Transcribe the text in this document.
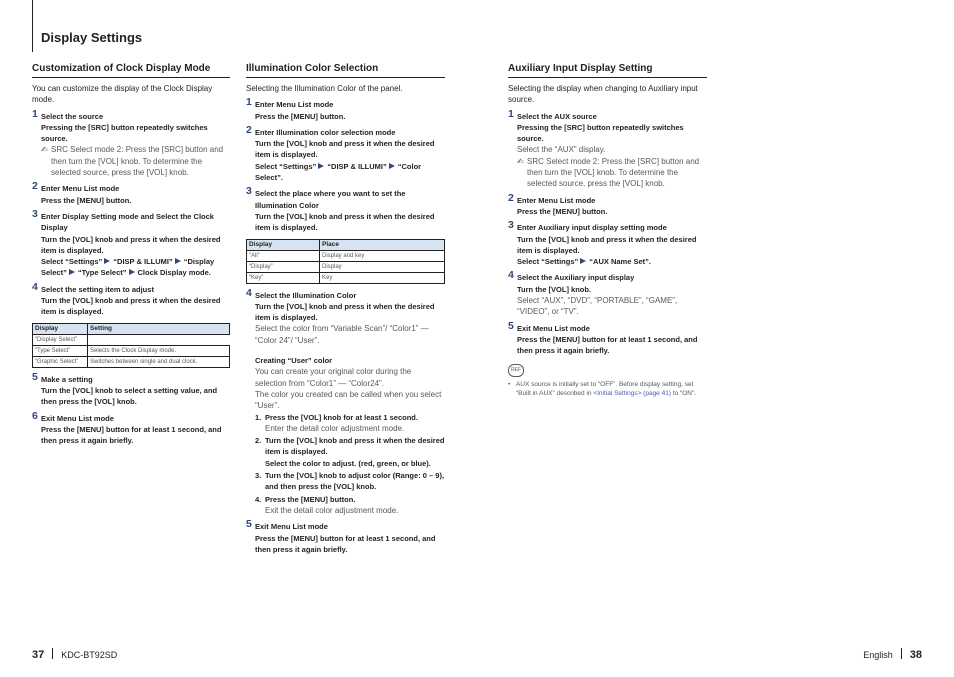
Display Settings
Customization of Clock Display Mode
You can customize the display of the Clock Display mode.
1 Select the source
Pressing the [SRC] button repeatedly switches source.
✍ SRC Select mode 2: Press the [SRC] button and then turn the [VOL] knob. To determine the selected source, press the [VOL] knob.
2 Enter Menu List mode
Press the [MENU] button.
3 Enter Display Setting mode and Select the Clock Display
Turn the [VOL] knob and press it when the desired item is displayed.
Select “Settings” “DISP & ILLUMI” “Display Select” “Type Select” Clock Display mode.
4 Select the setting item to adjust
Turn the [VOL] knob and press it when the desired item is displayed.
Display	Setting
“Display Select”	
“Type Select”	Selects the Clock Display mode.
“Graphic Select”	Switches between single and dual clock.
5 Make a setting
Turn the [VOL] knob to select a setting value, and then press the [VOL] knob.
6 Exit Menu List mode
Press the [MENU] button for at least 1 second, and then press it again briefly.
Illumination Color Selection
Selecting the Illumination Color of the panel.
1 Enter Menu List mode
Press the [MENU] button.
2 Enter Illumination color selection mode
Turn the [VOL] knob and press it when the desired item is displayed.
Select “Settings” “DISP & ILLUMI” “Color Select”.
3 Select the place where you want to set the Illumination Color
Turn the [VOL] knob and press it when the desired item is displayed.
Display	Place
“All”	Display and key
“Display”	Display
“Key”	Key
4 Select the Illumination Color
Turn the [VOL] knob and press it when the desired item is displayed.
Select the color from “Variable Scan”/ “Color1” — “Color 24”/ “User”.
Creating “User” color
You can create your original color during the selection from “Color1” — “Color24”.
The color you created can be called when you select “User”.
1. Press the [VOL] knob for at least 1 second.
Enter the detail color adjustment mode.
2. Turn the [VOL] knob and press it when the desired item is displayed.
Select the color to adjust. (red, green, or blue).
3. Turn the [VOL] knob to adjust color (Range: 0 – 9), and then press the [VOL] knob.
4. Press the [MENU] button.
Exit the detail color adjustment mode.
5 Exit Menu List mode
Press the [MENU] button for at least 1 second, and then press it again briefly.
Auxiliary Input Display Setting
Selecting the display when changing to Auxiliary input source.
1 Select the AUX source
Pressing the [SRC] button repeatedly switches source.
Select the “AUX” display.
✍ SRC Select mode 2: Press the [SRC] button and then turn the [VOL] knob. To determine the selected source, press the [VOL] knob.
2 Enter Menu List mode
Press the [MENU] button.
3 Enter Auxiliary input display setting mode
Turn the [VOL] knob and press it when the desired item is displayed.
Select “Settings” “AUX Name Set”.
4 Select the Auxiliary input display
Turn the [VOL] knob.
Select “AUX”, “DVD”, “PORTABLE”, “GAME”, “VIDEO”, or “TV”.
5 Exit Menu List mode
Press the [MENU] button for at least 1 second, and then press it again briefly.
REF
• AUX source is initially set to “OFF”. Before display setting, set “Built in AUX” described in <Initial Settings> (page 41) to “ON”.
37 KDC-BT92SD	English 38
